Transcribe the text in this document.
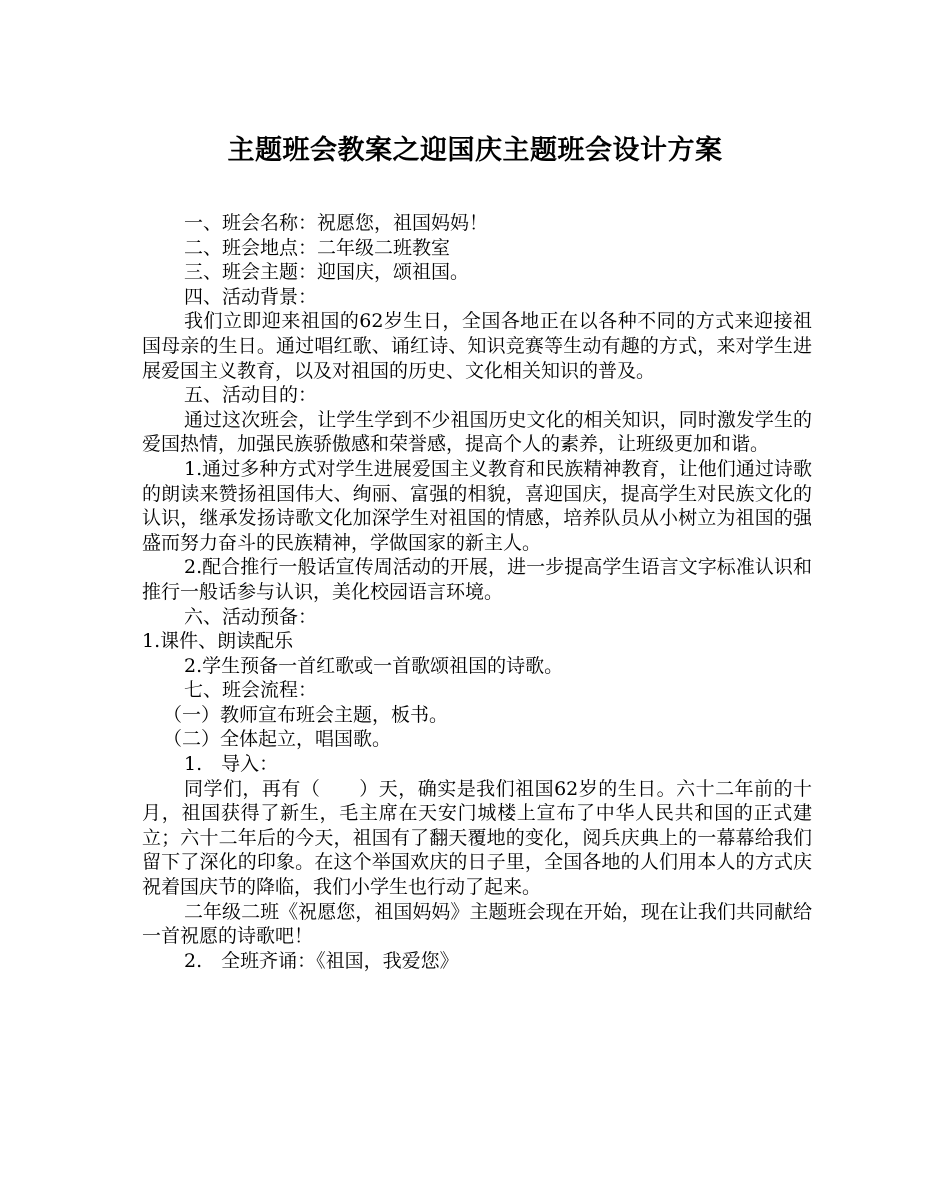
主题班会教案之迎国庆主题班会设计方案

一、班会名称：祝愿您，祖国妈妈！

二、班会地点：二年级二班教室

三、班会主题：迎国庆，颂祖国。

四、活动背景：

我们立即迎来祖国的62岁生日，全国各地正在以各种不同的方式来迎接祖国母亲的生日。通过唱红歌、诵红诗、知识竞赛等生动有趣的方式，来对学生进展爱国主义教育，以及对祖国的历史、文化相关知识的普及。

五、活动目的：

通过这次班会，让学生学到不少祖国历史文化的相关知识，同时激发学生的爱国热情，加强民族骄傲感和荣誉感，提高个人的素养，让班级更加和谐。

1.通过多种方式对学生进展爱国主义教育和民族精神教育，让他们通过诗歌的朗读来赞扬祖国伟大、绚丽、富强的相貌，喜迎国庆，提高学生对民族文化的认识，继承发扬诗歌文化加深学生对祖国的情感，培养队员从小树立为祖国的强盛而努力奋斗的民族精神，学做国家的新主人。

2.配合推行一般话宣传周活动的开展，进一步提高学生语言文字标准认识和推行一般话参与认识，美化校园语言环境。

六、活动预备：

1.课件、朗读配乐

2.学生预备一首红歌或一首歌颂祖国的诗歌。

七、班会流程：

（一）教师宣布班会主题，板书。

（二）全体起立，唱国歌。

1.　导入：

同学们，再有（　　）天，确实是我们祖国62岁的生日。六十二年前的十月，祖国获得了新生，毛主席在天安门城楼上宣布了中华人民共和国的正式建立；六十二年后的今天，祖国有了翻天覆地的变化，阅兵庆典上的一幕幕给我们留下了深化的印象。在这个举国欢庆的日子里，全国各地的人们用本人的方式庆祝着国庆节的降临，我们小学生也行动了起来。

二年级二班《祝愿您，祖国妈妈》主题班会现在开始，现在让我们共同献给一首祝愿的诗歌吧！

2.　全班齐诵：《祖国，我爱您》
